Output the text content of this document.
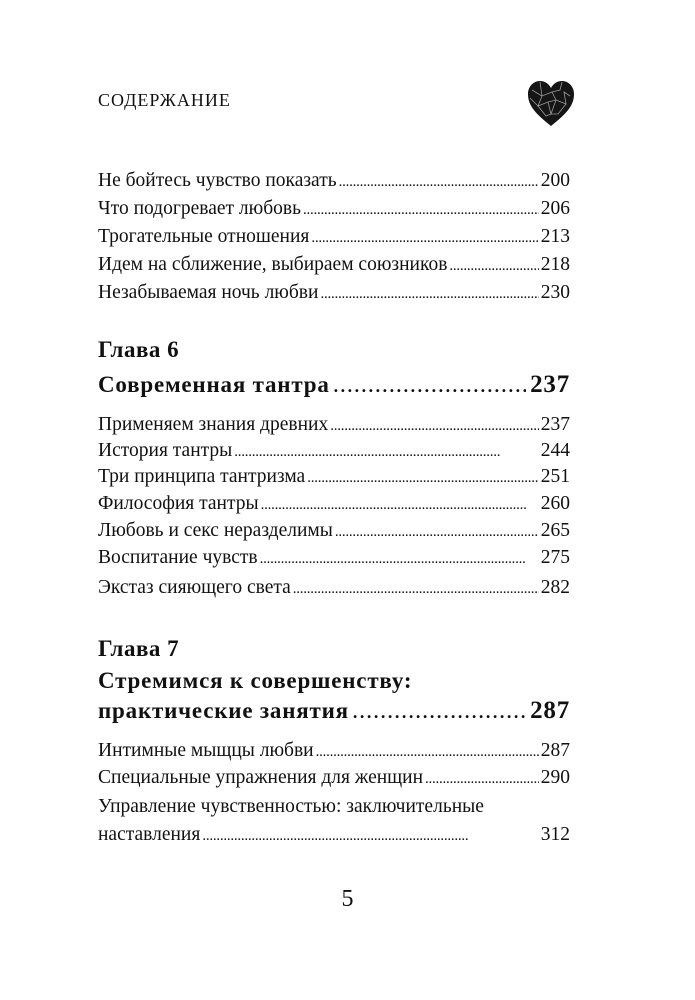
СОДЕРЖАНИЕ
Не бойтесь чувство показать . . .	200
Что подогревает любовь . . .	206
Трогательные отношения . . .	213
Идем на сближение, выбираем союзников . . .	218
Незабываемая ночь любви . . .	230
Глава 6
Современная тантра . . .	237
Применяем знания древних . . .	237
История тантры . . .	244
Три принципа тантризма . . .	251
Философия тантры . . .	260
Любовь и секс неразделимы . . .	265
Воспитание чувств . . .	275
Экстаз сияющего света . . .	282
Глава 7
Стремимся к совершенству:
практические занятия . . .	287
Интимные мыщцы любви . . .	287
Специальные упражнения для женщин . . .	290
Управление чувственностью: заключительные
наставления . . .	312
5
